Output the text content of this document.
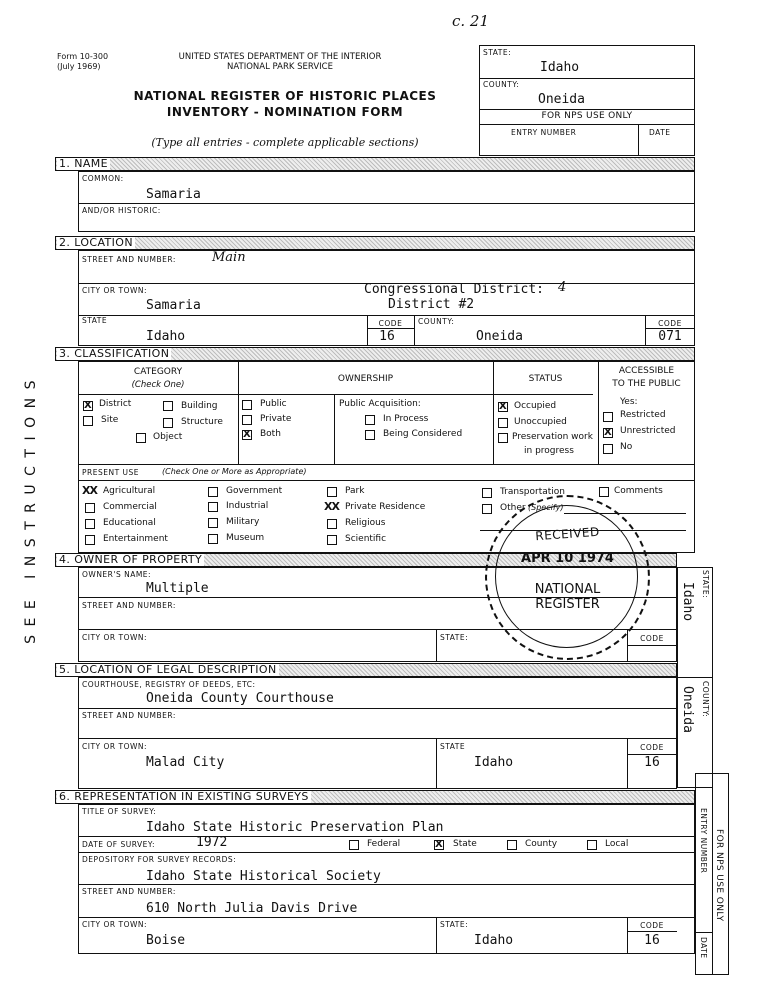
c. 21
Form 10-300
(July 1969)
UNITED STATES DEPARTMENT OF THE INTERIOR
NATIONAL PARK SERVICE
NATIONAL REGISTER OF HISTORIC PLACES
INVENTORY - NOMINATION FORM
(Type all entries - complete applicable sections)
STATE:
Idaho
COUNTY:
Oneida
FOR NPS USE ONLY
ENTRY NUMBER	DATE
SEE INSTRUCTIONS
1. NAME
COMMON:
Samaria
AND/OR HISTORIC:
2. LOCATION
STREET AND NUMBER:	Main
CITY OR TOWN:
Samaria
Congressional District: 4
District #2
STATE
Idaho
CODE
16
COUNTY:
Oneida
CODE
071
3. CLASSIFICATION
CATEGORY
(Check One)
OWNERSHIP	STATUS
ACCESSIBLE
TO THE PUBLIC
X
District	Building
Site	Structure
Object
Public
Private
X
Both
Public Acquisition:
In Process
Being Considered
X
Occupied
Unoccupied
Preservation work
in progress
Yes:
Restricted
X
Unrestricted
No
PRESENT USE	(Check One or More as Appropriate)
XX Agricultural	Government	Park	Transportation	Comments
Commercial	Industrial	XX Private Residence	Other (Specify)
Educational	Military	Religious
Entertainment	Museum	Scientific
4. OWNER OF PROPERTY
OWNER'S NAME:
Multiple
STREET AND NUMBER:
CITY OR TOWN:	STATE:	CODE
5. LOCATION OF LEGAL DESCRIPTION
COURTHOUSE, REGISTRY OF DEEDS, ETC:
Oneida County Courthouse
STREET AND NUMBER:
CITY OR TOWN:
Malad City
STATE
Idaho
CODE
16
6. REPRESENTATION IN EXISTING SURVEYS
TITLE OF SURVEY:
Idaho State Historic Preservation Plan
DATE OF SURVEY:	1972	Federal
X	State	County	Local
DEPOSITORY FOR SURVEY RECORDS:
Idaho State Historical Society
STREET AND NUMBER:
610 North Julia Davis Drive
CITY OR TOWN:
Boise
STATE:
Idaho
CODE
16
STATE:
Idaho
COUNTY:
Oneida
FOR NPS USE ONLY
ENTRY NUMBER
DATE
RECEIVED
APR 10 1974
NATIONAL
REGISTER
